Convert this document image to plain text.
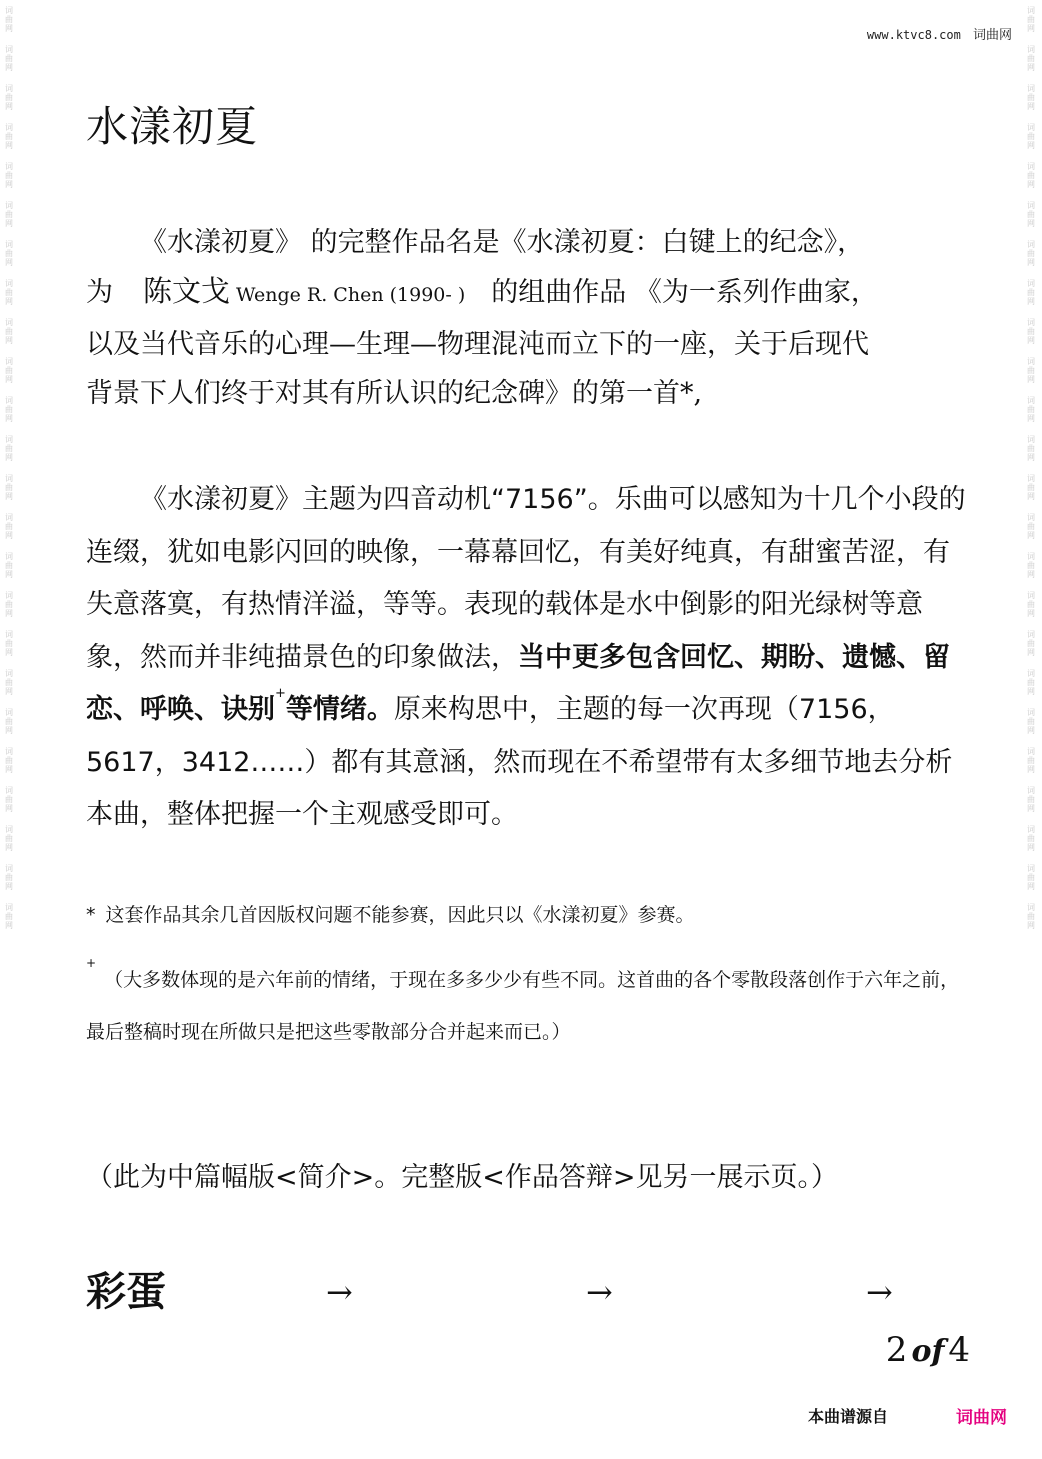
词曲网
词曲网
词曲网
词曲网
词曲网
词曲网
词曲网
词曲网
词曲网
词曲网
词曲网
词曲网
词曲网
词曲网
词曲网
词曲网
词曲网
词曲网
词曲网
词曲网
词曲网
词曲网
词曲网
词曲网
词曲网
词曲网
词曲网
词曲网
词曲网
词曲网
词曲网
词曲网
词曲网
词曲网
词曲网
词曲网
词曲网
词曲网
词曲网
词曲网
词曲网
词曲网
词曲网
词曲网
词曲网
词曲网
词曲网
词曲网
www.ktvc8.com 词曲网
水漾初夏

《水漾初夏》 的完整作品名是《水漾初夏：白键上的纪念》，
为 陈文戈 Wenge R. Chen (1990- ) 的组曲作品 《为一系列作曲家，
以及当代音乐的心理—生理—物理混沌而立下的一座，关于后现代
背景下人们终于对其有所认识的纪念碑》的第一首*,

《水漾初夏》主题为四音动机“7156”。乐曲可以感知为十几个小段的连缀，犹如电影闪回的映像，一幕幕回忆，有美好纯真，有甜蜜苦涩，有失意落寞，有热情洋溢，等等。表现的载体是水中倒影的阳光绿树等意象，然而并非纯描景色的印象做法，当中更多包含回忆、期盼、遗憾、留恋、呼唤、诀别+等情绪。原来构思中，主题的每一次再现（7156，5617，3412……）都有其意涵，然而现在不希望带有太多细节地去分析本曲，整体把握一个主观感受即可。

* 这套作品其余几首因版权问题不能参赛，因此只以《水漾初夏》参赛。

+（大多数体现的是六年前的情绪，于现在多多少少有些不同。这首曲的各个零散段落创作于六年之前，最后整稿时现在所做只是把这些零散部分合并起来而已。）

（此为中篇幅版<简介>。完整版<作品答辩>见另一展示页。）

彩蛋	→	→	→
2 of 4
本曲谱源自	词曲网
